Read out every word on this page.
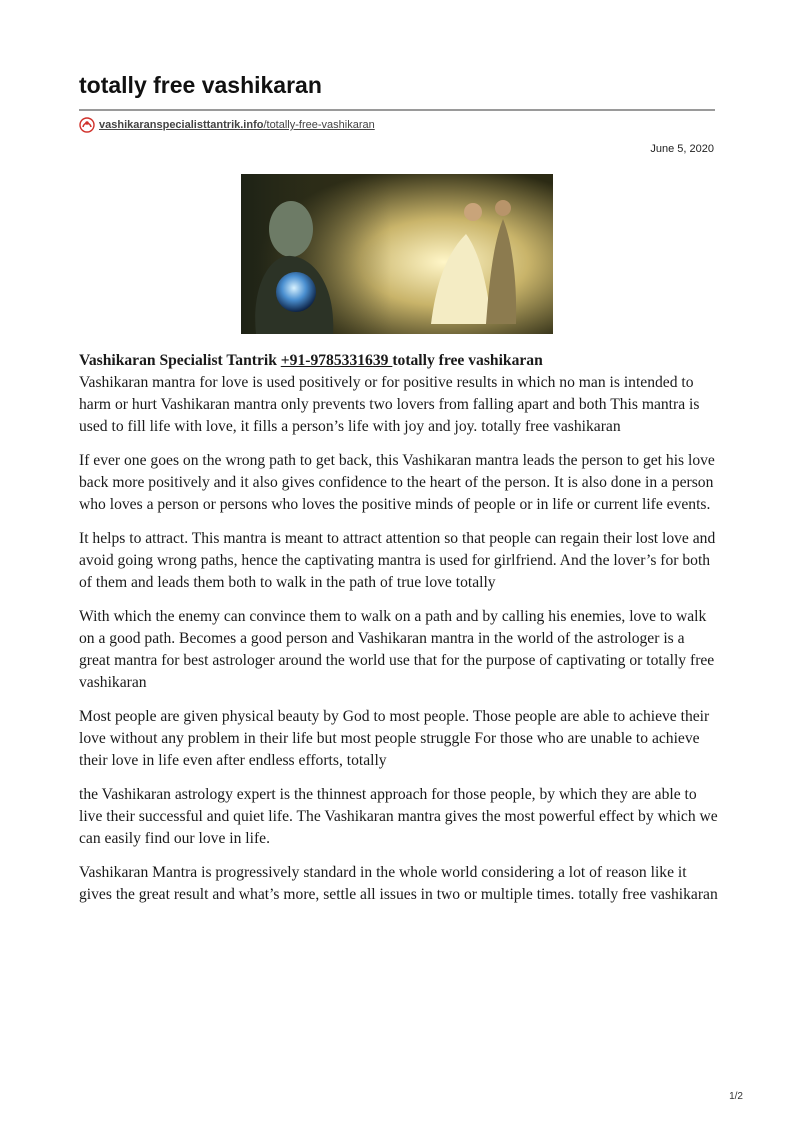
totally free vashikaran
vashikaranspecialisttantrik.info/totally-free-vashikaran
June 5, 2020

Vashikaran Specialist Tantrik +91-9785331639 totally free vashikaran

Vashikaran mantra for love is used positively or for positive results in which no man is intended to harm or hurt Vashikaran mantra only prevents two lovers from falling apart and both This mantra is used to fill life with love, it fills a person’s life with joy and joy. totally free vashikaran

If ever one goes on the wrong path to get back, this Vashikaran mantra leads the person to get his love back more positively and it also gives confidence to the heart of the person. It is also done in a person who loves a person or persons who loves the positive minds of people or in life or current life events.

It helps to attract. This mantra is meant to attract attention so that people can regain their lost love and avoid going wrong paths, hence the captivating mantra is used for girlfriend. And the lover’s for both of them and leads them both to walk in the path of true love totally

With which the enemy can convince them to walk on a path and by calling his enemies, love to walk on a good path. Becomes a good person and Vashikaran mantra in the world of the astrologer is a great mantra for best astrologer around the world use that for the purpose of captivating or totally free vashikaran

Most people are given physical beauty by God to most people. Those people are able to achieve their love without any problem in their life but most people struggle For those who are unable to achieve their love in life even after endless efforts, totally

the Vashikaran astrology expert is the thinnest approach for those people, by which they are able to live their successful and quiet life. The Vashikaran mantra gives the most powerful effect by which we can easily find our love in life.

Vashikaran Mantra is progressively standard in the whole world considering a lot of reason like it gives the great result and what’s more, settle all issues in two or multiple times. totally free vashikaran

1/2
